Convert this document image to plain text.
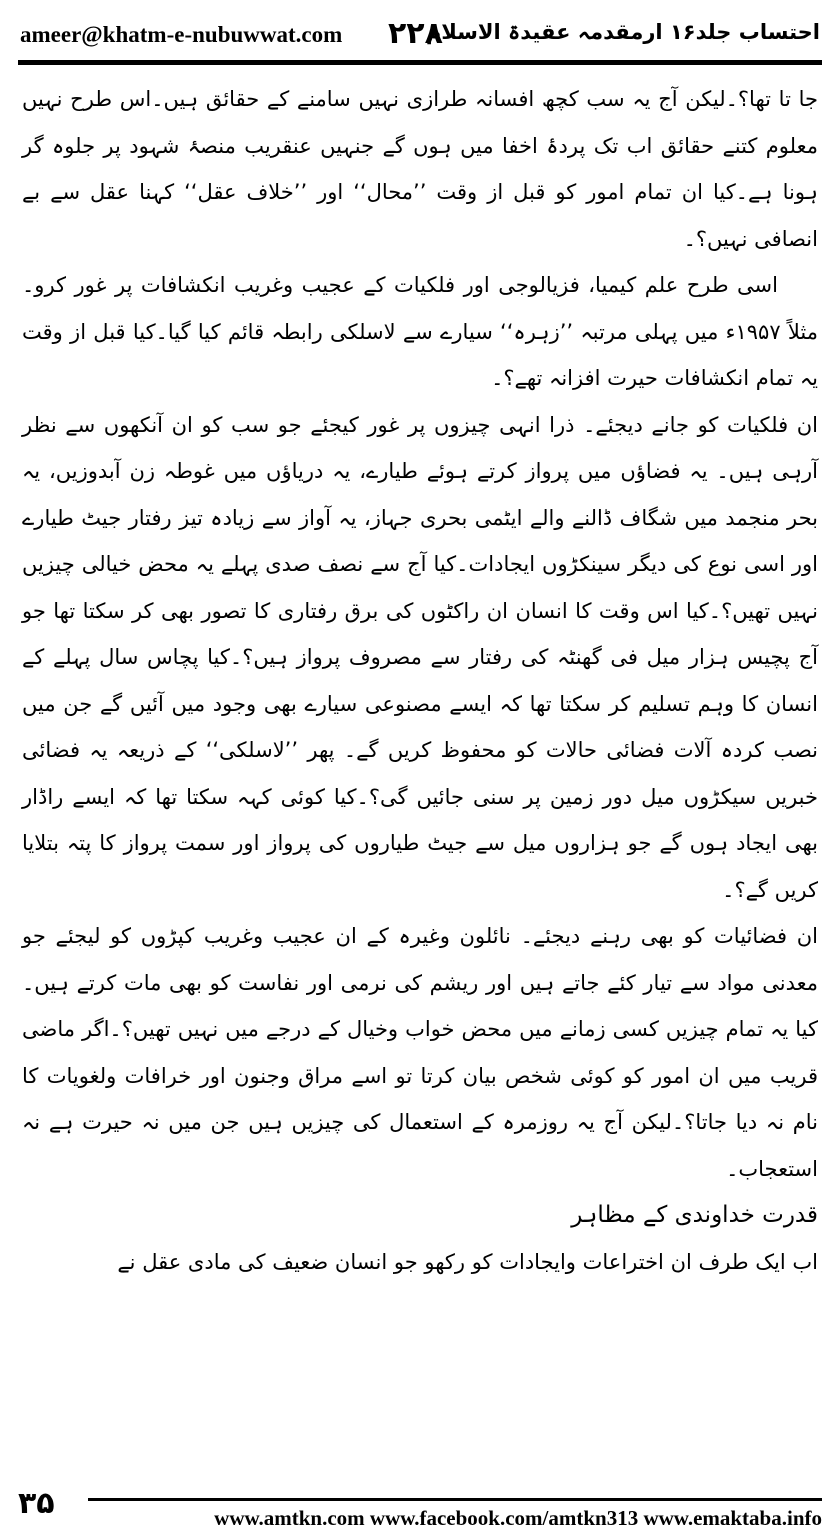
ameer@khatm-e-nubuwwat.com ۲۲۸
احتساب جلد۱۶ ارمقدمہ عقیدۃ الاسلام

جا تا تھا؟۔لیکن آج یہ سب کچھ افسانہ طرازی نہیں سامنے کے حقائق ہیں۔اس طرح نہیں معلوم کتنے حقائق اب تک پردۂ اخفا میں ہوں گے جنہیں عنقریب منصۂ شہود پر جلوہ گر ہونا ہے۔کیا ان تمام امور کو قبل از وقت ’’محال‘‘ اور ’’خلاف عقل‘‘ کہنا عقل سے بے انصافی نہیں؟۔

اسی طرح علم کیمیا، فزیالوجی اور فلکیات کے عجیب وغریب انکشافات پر غور کرو۔مثلاً ۱۹۵۷ء میں پہلی مرتبہ ’’زہرہ‘‘ سیارے سے لاسلکی رابطہ قائم کیا گیا۔کیا قبل از وقت یہ تمام انکشافات حیرت افزانہ تھے؟۔

ان فلکیات کو جانے دیجئے۔ ذرا انہی چیزوں پر غور کیجئے جو سب کو ان آنکھوں سے نظر آرہی ہیں۔ یہ فضاؤں میں پرواز کرتے ہوئے طیارے، یہ دریاؤں میں غوطہ زن آبدوزیں، یہ بحر منجمد میں شگاف ڈالنے والے ایٹمی بحری جہاز، یہ آواز سے زیادہ تیز رفتار جیٹ طیارے اور اسی نوع کی دیگر سینکڑوں ایجادات۔کیا آج سے نصف صدی پہلے یہ محض خیالی چیزیں نہیں تھیں؟۔کیا اس وقت کا انسان ان راکٹوں کی برق رفتاری کا تصور بھی کر سکتا تھا جو آج پچیس ہزار میل فی گھنٹہ کی رفتار سے مصروف پرواز ہیں؟۔کیا پچاس سال پہلے کے انسان کا وہم تسلیم کر سکتا تھا کہ ایسے مصنوعی سیارے بھی وجود میں آئیں گے جن میں نصب کردہ آلات فضائی حالات کو محفوظ کریں گے۔ پھر ’’لاسلکی‘‘ کے ذریعہ یہ فضائی خبریں سیکڑوں میل دور زمین پر سنی جائیں گی؟۔کیا کوئی کہہ سکتا تھا کہ ایسے راڈار بھی ایجاد ہوں گے جو ہزاروں میل سے جیٹ طیاروں کی پرواز اور سمت پرواز کا پتہ بتلایا کریں گے؟۔

ان فضائیات کو بھی رہنے دیجئے۔ نائلون وغیرہ کے ان عجیب وغریب کپڑوں کو لیجئے جو معدنی مواد سے تیار کئے جاتے ہیں اور ریشم کی نرمی اور نفاست کو بھی مات کرتے ہیں۔کیا یہ تمام چیزیں کسی زمانے میں محض خواب وخیال کے درجے میں نہیں تھیں؟۔اگر ماضی قریب میں ان امور کو کوئی شخص بیان کرتا تو اسے مراق وجنون اور خرافات ولغویات کا نام نہ دیا جاتا؟۔لیکن آج یہ روزمرہ کے استعمال کی چیزیں ہیں جن میں نہ حیرت ہے نہ استعجاب۔

قدرت خداوندی کے مظاہر

اب ایک طرف ان اختراعات وایجادات کو رکھو جو انسان ضعیف کی مادی عقل نے

۳۵	www.amtkn.com www.facebook.com/amtkn313 www.emaktaba.info
